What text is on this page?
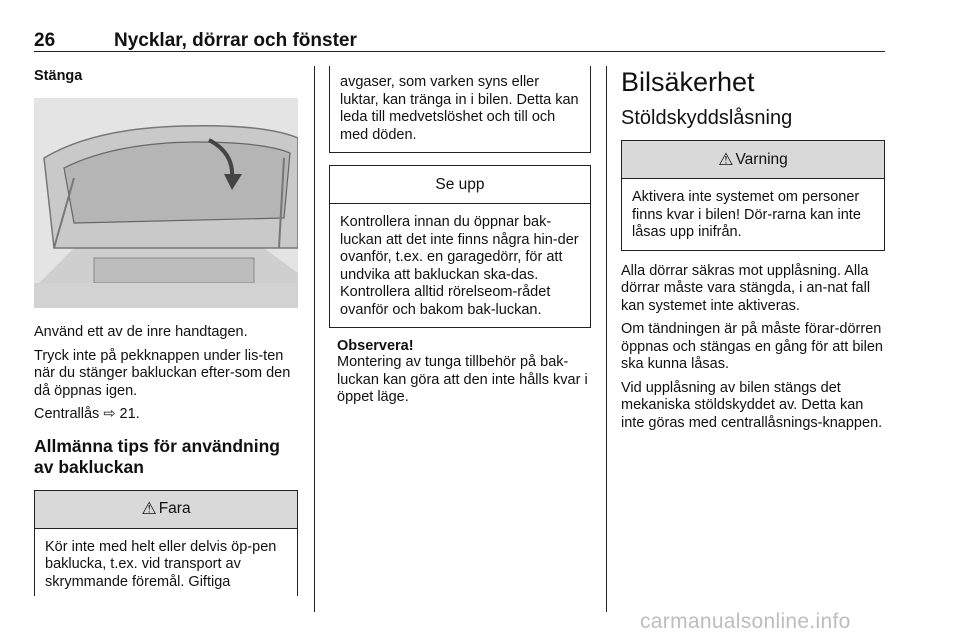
26	Nycklar, dörrar och fönster
Stänga
Använd ett av de inre handtagen.
Tryck inte på pekknappen under lis-ten när du stänger bakluckan efter-som den då öppnas igen.
Centrallås ⇨ 21.
Allmänna tips för användning av bakluckan
⚠ Fara
Kör inte med helt eller delvis öp-pen baklucka, t.ex. vid transport av skrymmande föremål. Giftiga
avgaser, som varken syns eller luktar, kan tränga in i bilen. Detta kan leda till medvetslöshet och till och med döden.
Se upp
Kontrollera innan du öppnar bak-luckan att det inte finns några hin-der ovanför, t.ex. en garagedörr, för att undvika att bakluckan ska-das. Kontrollera alltid rörelseom-rådet ovanför och bakom bak-luckan.
Observera!
Montering av tunga tillbehör på bak-luckan kan göra att den inte hålls kvar i öppet läge.
Bilsäkerhet
Stöldskyddslåsning
⚠ Varning
Aktivera inte systemet om personer finns kvar i bilen! Dör-rarna kan inte låsas upp inifrån.
Alla dörrar säkras mot upplåsning. Alla dörrar måste vara stängda, i an-nat fall kan systemet inte aktiveras.
Om tändningen är på måste förar-dörren öppnas och stängas en gång för att bilen ska kunna låsas.
Vid upplåsning av bilen stängs det mekaniska stöldskyddet av. Detta kan inte göras med centrallåsnings-knappen.
carmanualsonline.info
